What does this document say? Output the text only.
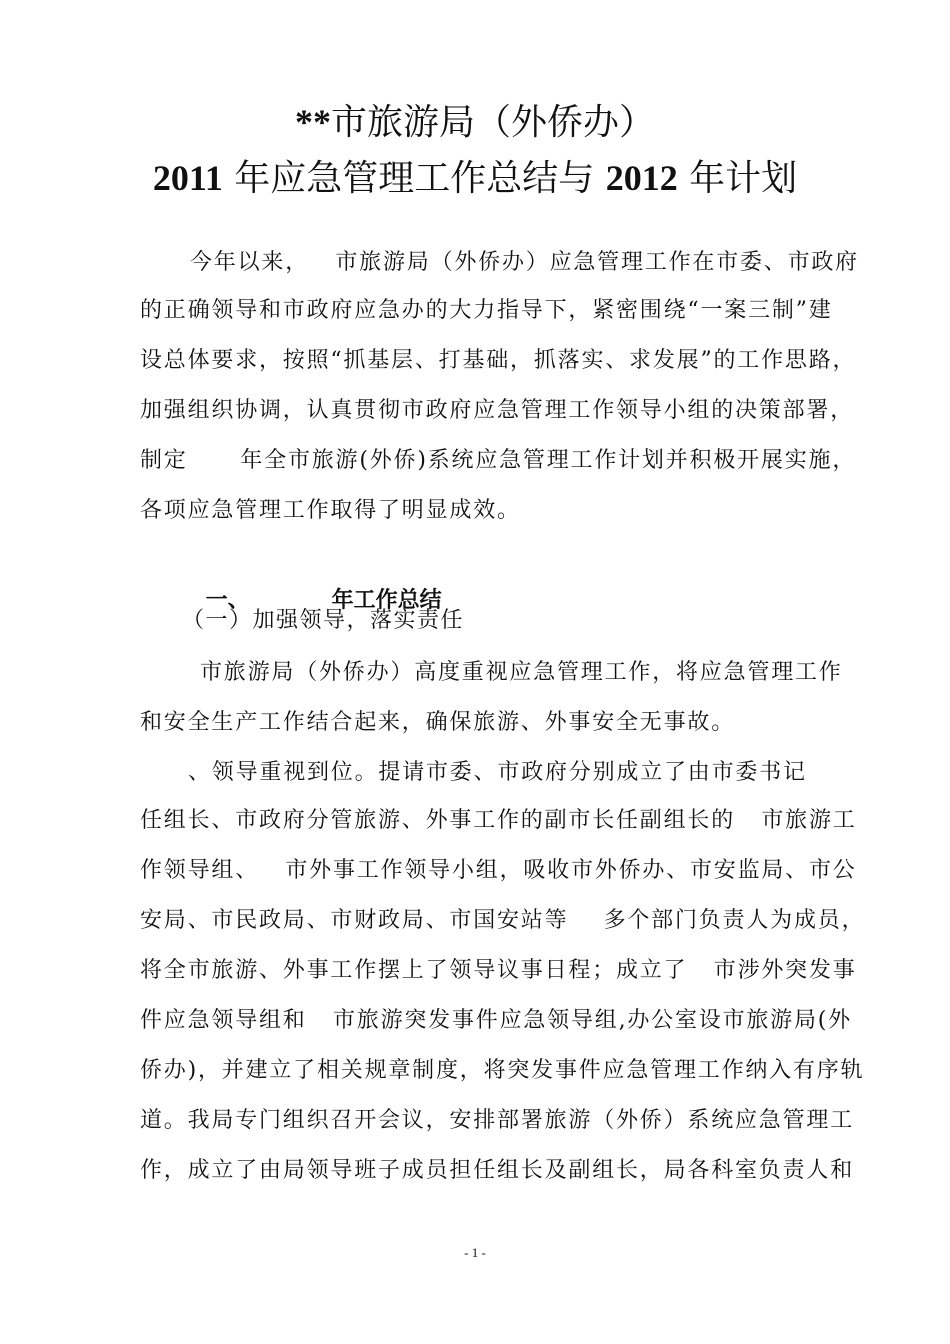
**市旅游局（外侨办）
2011 年应急管理工作总结与 2012 年计划
今年以来，   市旅游局（外侨办）应急管理工作在市委、市政府
的正确领导和市政府应急办的大力指导下，紧密围绕“一案三制”建
设总体要求，按照“抓基层、打基础，抓落实、求发展”的工作思路，
加强组织协调，认真贯彻市政府应急管理工作领导小组的决策部署，
制定      年全市旅游(外侨)系统应急管理工作计划并积极开展实施，
各项应急管理工作取得了明显成效。

一、	年工作总结

（一）加强领导，落实责任
市旅游局（外侨办）高度重视应急管理工作，将应急管理工作
和安全生产工作结合起来，确保旅游、外事安全无事故。
、领导重视到位。提请市委、市政府分别成立了由市委书记
任组长、市政府分管旅游、外事工作的副市长任副组长的   市旅游工
作领导组、   市外事工作领导小组，吸收市外侨办、市安监局、市公
安局、市民政局、市财政局、市国安站等    多个部门负责人为成员，
将全市旅游、外事工作摆上了领导议事日程；成立了   市涉外突发事
件应急领导组和   市旅游突发事件应急领导组,办公室设市旅游局(外
侨办)，并建立了相关规章制度，将突发事件应急管理工作纳入有序轨
道。我局专门组织召开会议，安排部署旅游（外侨）系统应急管理工
作，成立了由局领导班子成员担任组长及副组长，局各科室负责人和
- 1 -
